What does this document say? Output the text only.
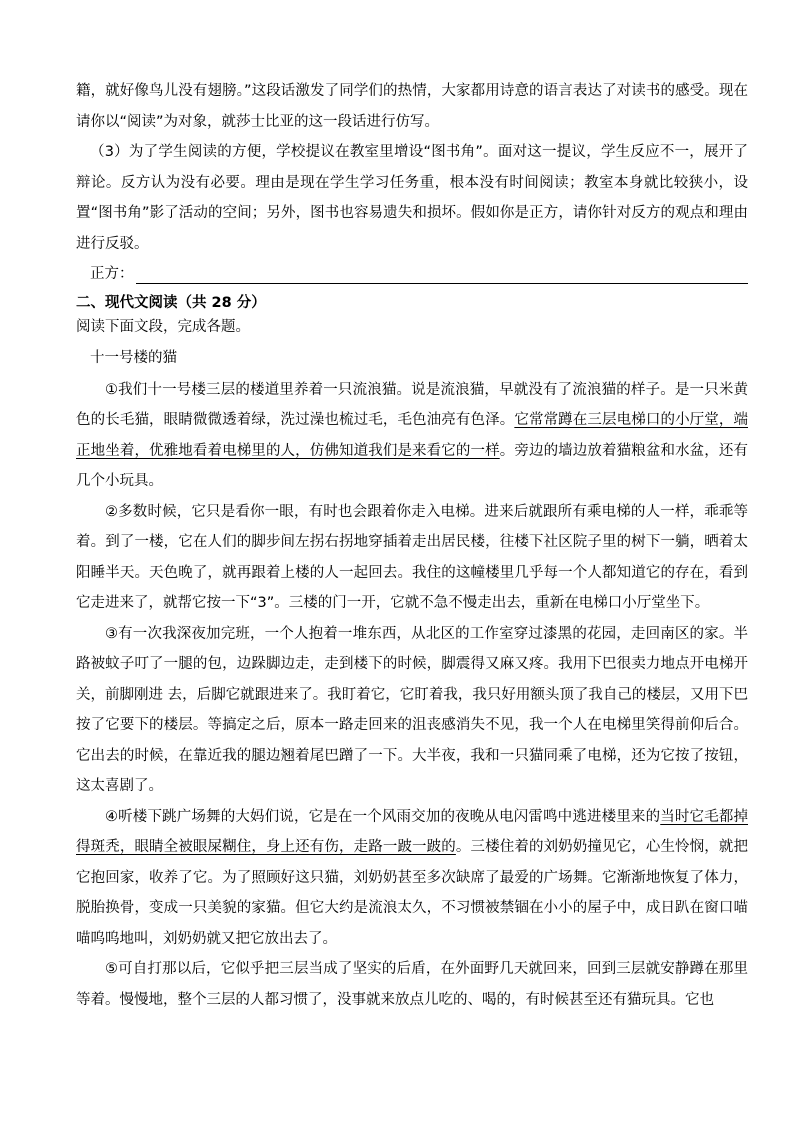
籍，就好像鸟儿没有翅膀。”这段话激发了同学们的热情，大家都用诗意的语言表达了对读书的感受。现在请你以“阅读”为对象，就莎士比亚的这一段话进行仿写。

（3）为了学生阅读的方便，学校提议在教室里增设“图书角”。面对这一提议，学生反应不一，展开了辩论。反方认为没有必要。理由是现在学生学习任务重，根本没有时间阅读；教室本身就比较狭小，设置“图书角”影了活动的空间；另外，图书也容易遗失和损坏。假如你是正方，请你针对反方的观点和理由进行反驳。

正方：

二、现代文阅读（共 28 分）

阅读下面文段，完成各题。

十一号楼的猫

①我们十一号楼三层的楼道里养着一只流浪猫。说是流浪猫，早就没有了流浪猫的样子。是一只米黄色的长毛猫，眼睛微微透着绿，洗过澡也梳过毛，毛色油亮有色泽。它常常蹲在三层电梯口的小厅堂，端正地坐着，优雅地看着电梯里的人，仿佛知道我们是来看它的一样。旁边的墙边放着猫粮盆和水盆，还有几个小玩具。

②多数时候，它只是看你一眼，有时也会跟着你走入电梯。进来后就跟所有乘电梯的人一样，乖乖等着。到了一楼，它在人们的脚步间左拐右拐地穿插着走出居民楼，往楼下社区院子里的树下一躺，晒着太阳睡半天。天色晚了，就再跟着上楼的人一起回去。我住的这幢楼里几乎每一个人都知道它的存在，看到它走进来了，就帮它按一下“3”。三楼的门一开，它就不急不慢走出去，重新在电梯口小厅堂坐下。

③有一次我深夜加完班，一个人抱着一堆东西，从北区的工作室穿过漆黑的花园，走回南区的家。半路被蚊子叮了一腿的包，边跺脚边走，走到楼下的时候，脚震得又麻又疼。我用下巴很卖力地点开电梯开关，前脚刚进 去，后脚它就跟进来了。我盯着它，它盯着我，我只好用额头顶了我自己的楼层，又用下巴按了它要下的楼层。等搞定之后，原本一路走回来的沮丧感消失不见，我一个人在电梯里笑得前仰后合。它出去的时候，在靠近我的腿边翘着尾巴蹭了一下。大半夜，我和一只猫同乘了电梯，还为它按了按钮，这太喜剧了。

④听楼下跳广场舞的大妈们说，它是在一个风雨交加的夜晚从电闪雷鸣中逃进楼里来的当时它毛都掉得斑秃，眼睛全被眼屎糊住，身上还有伤，走路一跛一跛的。三楼住着的刘奶奶撞见它，心生怜悯，就把它抱回家，收养了它。为了照顾好这只猫，刘奶奶甚至多次缺席了最爱的广场舞。它渐渐地恢复了体力，脱胎换骨，变成一只美貌的家猫。但它大约是流浪太久，不习惯被禁锢在小小的屋子中，成日趴在窗口喵喵呜呜地叫，刘奶奶就又把它放出去了。

⑤可自打那以后，它似乎把三层当成了坚实的后盾，在外面野几天就回来，回到三层就安静蹲在那里等着。慢慢地，整个三层的人都习惯了，没事就来放点儿吃的、喝的，有时候甚至还有猫玩具。它也
